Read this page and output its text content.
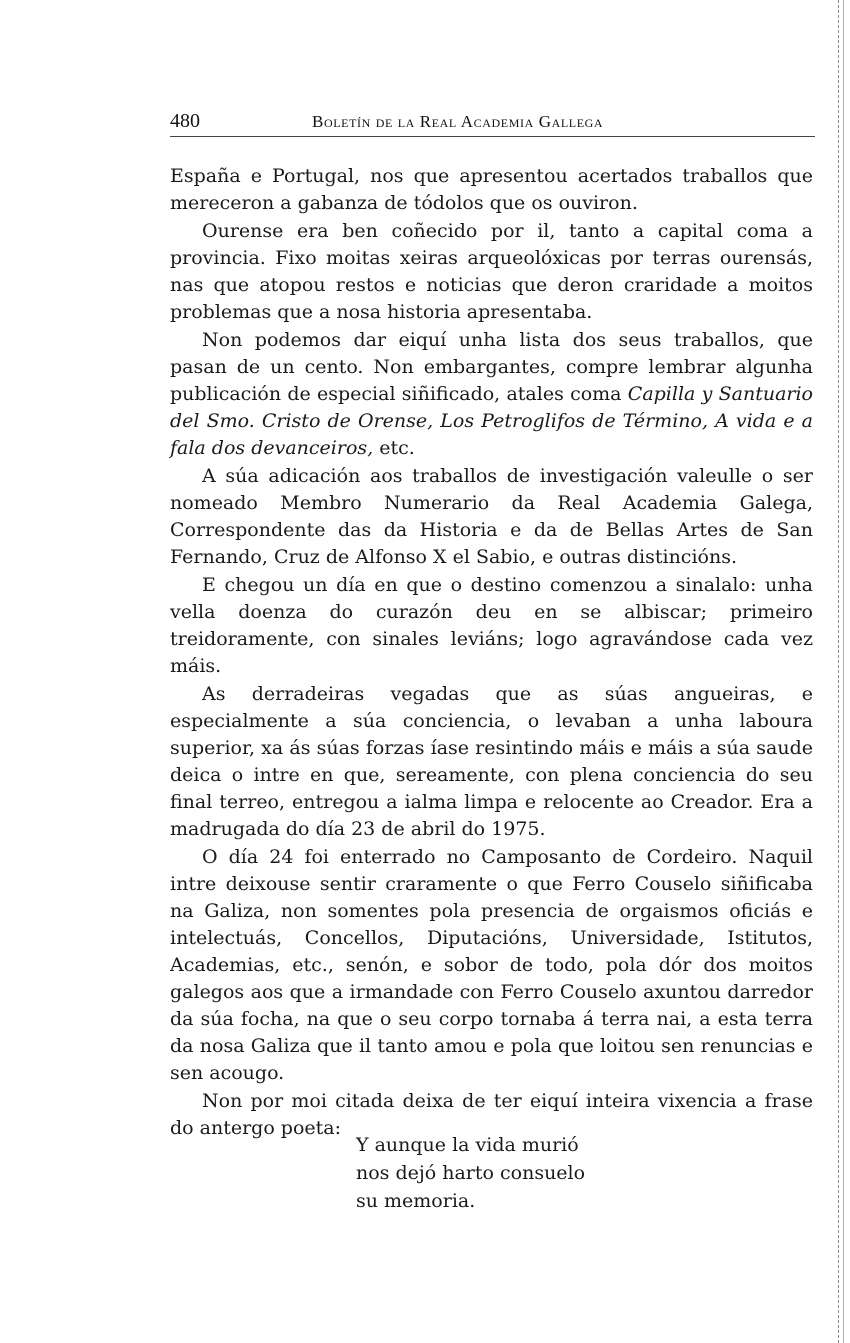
480	Boletín de la Real Academia Gallega

España e Portugal, nos que apresentou acertados traballos que mereceron a gabanza de tódolos que os ouviron.

Ourense era ben coñecido por il, tanto a capital coma a provincia. Fixo moitas xeiras arqueolóxicas por terras ourensás, nas que atopou restos e noticias que deron craridade a moitos problemas que a nosa historia apresentaba.

Non podemos dar eiquí unha lista dos seus traballos, que pasan de un cento. Non embargantes, compre lembrar algunha publicación de especial siñificado, atales coma Capilla y Santuario del Smo. Cristo de Orense, Los Petroglifos de Término, A vida e a fala dos devanceiros, etc.

A súa adicación aos traballos de investigación valeulle o ser nomeado Membro Numerario da Real Academia Galega, Correspondente das da Historia e da de Bellas Artes de San Fernando, Cruz de Alfonso X el Sabio, e outras distincións.

E chegou un día en que o destino comenzou a sinalalo: unha vella doenza do curazón deu en se albiscar; primeiro treidoramente, con sinales leviáns; logo agravándose cada vez máis.

As derradeiras vegadas que as súas angueiras, e especialmente a súa conciencia, o levaban a unha laboura superior, xa ás súas forzas íase resintindo máis e máis a súa saude deica o intre en que, sereamente, con plena conciencia do seu final terreo, entregou a ialma limpa e relocente ao Creador. Era a madrugada do día 23 de abril do 1975.

O día 24 foi enterrado no Camposanto de Cordeiro. Naquil intre deixouse sentir craramente o que Ferro Couselo siñificaba na Galiza, non somentes pola presencia de orgaismos oficiás e intelectuás, Concellos, Diputacións, Universidade, Istitutos, Academias, etc., senón, e sobor de todo, pola dór dos moitos galegos aos que a irmandade con Ferro Couselo axuntou darredor da súa focha, na que o seu corpo tornaba á terra nai, a esta terra da nosa Galiza que il tanto amou e pola que loitou sen renuncias e sen acougo.

Non por moi citada deixa de ter eiquí inteira vixencia a frase do antergo poeta:

Y aunque la vida murió
nos dejó harto consuelo
su memoria.
